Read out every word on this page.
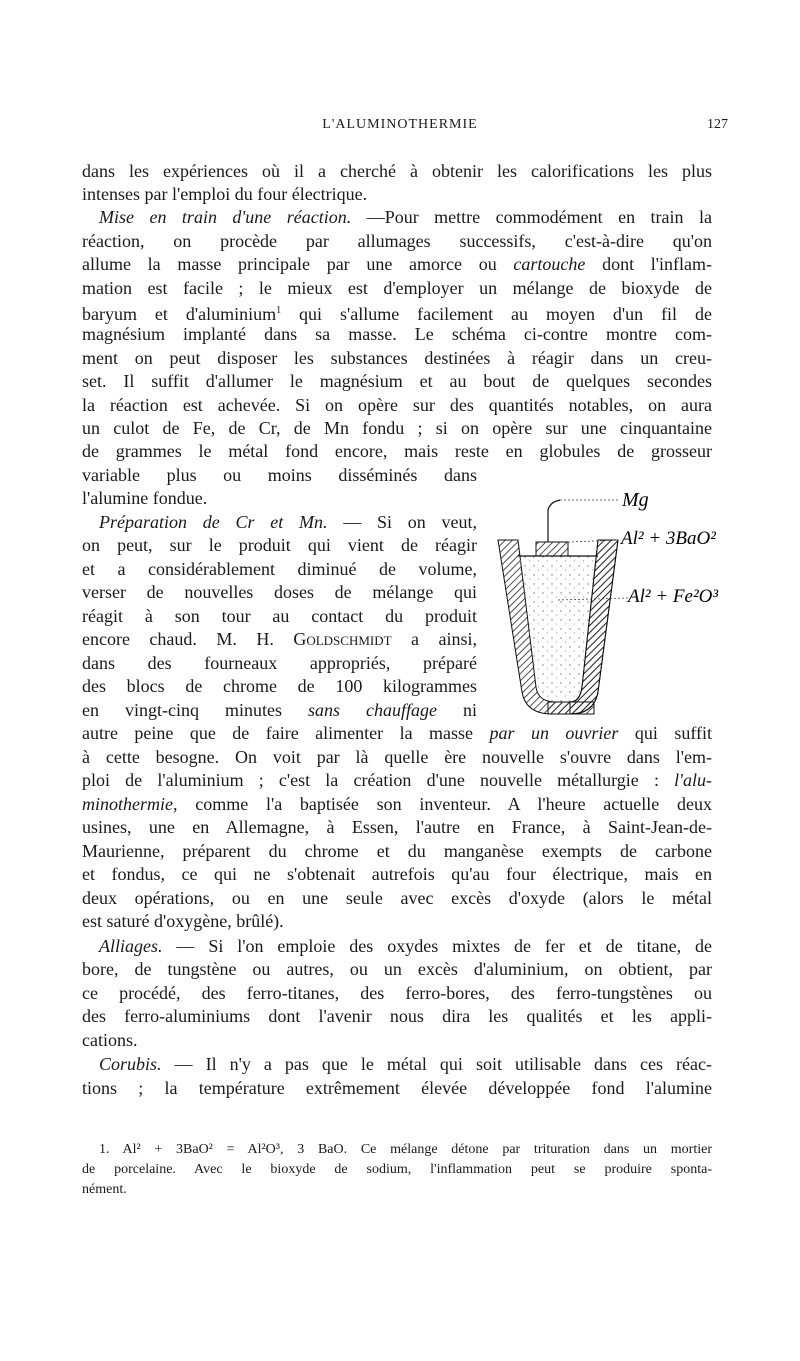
L'ALUMINOTHERMIE	127
dans les expériences où il a cherché à obtenir les calorifications les plus
intenses par l'emploi du four électrique.
Mise en train d'une réaction. —Pour mettre commodément en train la
réaction, on procède par allumages successifs, c'est-à-dire qu'on
allume la masse principale par une amorce ou cartouche dont l'inflam-
mation est facile ; le mieux est d'employer un mélange de bioxyde de
baryum et d'aluminium$^1$ qui s'allume facilement au moyen d'un fil de
magnésium implanté dans sa masse. Le schéma ci-contre montre com-
ment on peut disposer les substances destinées à réagir dans un creu-
set. Il suffit d'allumer le magnésium et au bout de quelques secondes
la réaction est achevée. Si on opère sur des quantités notables, on aura
un culot de Fe, de Cr, de Mn fondu ; si on opère sur une cinquantaine
de grammes le métal fond encore, mais reste en globules de grosseur
variable plus ou moins disséminés dans
l'alumine fondue.
Préparation de Cr et Mn. — Si on veut,
on peut, sur le produit qui vient de réagir
et a considérablement diminué de volume,
verser de nouvelles doses de mélange qui
réagit à son tour au contact du produit
encore chaud. M. H. Goldschmidt a ainsi,
dans des fourneaux appropriés, préparé
des blocs de chrome de 100 kilogrammes
en vingt-cinq minutes sans chauffage ni
autre peine que de faire alimenter la masse par un ouvrier qui suffit
à cette besogne. On voit par là quelle ère nouvelle s'ouvre dans l'em-
ploi de l'aluminium ; c'est la création d'une nouvelle métallurgie : l'alu-
minothermie, comme l'a baptisée son inventeur. A l'heure actuelle deux
usines, une en Allemagne, à Essen, l'autre en France, à Saint-Jean-de-
Maurienne, préparent du chrome et du manganèse exempts de carbone
et fondus, ce qui ne s'obtenait autrefois qu'au four électrique, mais en
deux opérations, ou en une seule avec excès d'oxyde (alors le métal
est saturé d'oxygène, brûlé).
Alliages. — Si l'on emploie des oxydes mixtes de fer et de titane, de
bore, de tungstène ou autres, ou un excès d'aluminium, on obtient, par
ce procédé, des ferro-titanes, des ferro-bores, des ferro-tungstènes ou
des ferro-aluminiums dont l'avenir nous dira les qualités et les appli-
cations.
Corubis. — Il n'y a pas que le métal qui soit utilisable dans ces réac-
tions ; la température extrêmement élevée développée fond l'alumine
Mg
Al² + 3BaO²
Al² + Fe²O³
1. Al² + 3BaO² = Al²O³, 3 BaO. Ce mélange détone par trituration dans un mortier
de porcelaine. Avec le bioxyde de sodium, l'inflammation peut se produire sponta-
nément.
